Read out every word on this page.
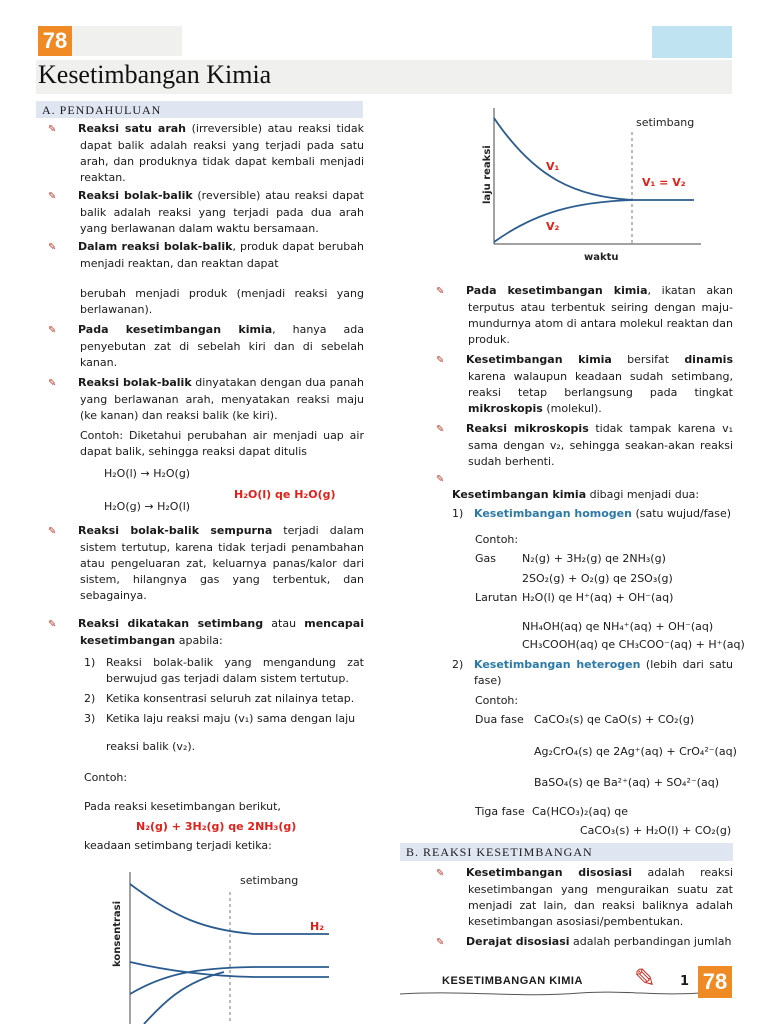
78
Kesetimbangan Kimia
A. PENDAHULUAN
✎ Reaksi satu arah (irreversible) atau reaksi tidak dapat balik adalah reaksi yang terjadi pada satu arah, dan produknya tidak dapat kembali menjadi reaktan.
✎ Reaksi bolak-balik (reversible) atau reaksi dapat balik adalah reaksi yang terjadi pada dua arah yang berlawanan dalam waktu bersamaan.
✎ Dalam reaksi bolak-balik, produk dapat berubah menjadi reaktan, dan reaktan dapat
berubah menjadi produk (menjadi reaksi yang berlawanan).
✎ Pada kesetimbangan kimia, hanya ada penyebutan zat di sebelah kiri dan di sebelah kanan.
✎ Reaksi bolak-balik dinyatakan dengan dua panah yang berlawanan arah, menyatakan reaksi maju (ke kanan) dan reaksi balik (ke kiri).
Contoh: Diketahui perubahan air menjadi uap air dapat balik, sehingga reaksi dapat ditulis
H₂O(l) → H₂O(g)
H₂O(l) qe H₂O(g)
H₂O(g) → H₂O(l)
✎ Reaksi bolak-balik sempurna terjadi dalam sistem tertutup, karena tidak terjadi penambahan atau pengeluaran zat, keluarnya panas/kalor dari sistem, hilangnya gas yang terbentuk, dan sebagainya.
✎ Reaksi dikatakan setimbang atau mencapai kesetimbangan apabila:
1) Reaksi bolak-balik yang mengandung zat berwujud gas terjadi dalam sistem tertutup.
2) Ketika konsentrasi seluruh zat nilainya tetap.
3) Ketika laju reaksi maju (v₁) sama dengan laju
reaksi balik (v₂).
Contoh:
Pada reaksi kesetimbangan berikut,
N₂(g) + 3H₂(g) qe 2NH₃(g)
keadaan setimbang terjadi ketika:
setimbang
H₂
konsentrasi
setimbang
V₁
V₂
V₁ = V₂
waktu
laju reaksi
✎ Pada kesetimbangan kimia, ikatan akan terputus atau terbentuk seiring dengan maju-mundurnya atom di antara molekul reaktan dan produk.
✎ Kesetimbangan kimia bersifat dinamis karena walaupun keadaan sudah setimbang, reaksi tetap berlangsung pada tingkat mikroskopis (molekul).
✎ Reaksi mikroskopis tidak tampak karena v₁ sama dengan v₂, sehingga seakan-akan reaksi sudah berhenti.
✎
Kesetimbangan kimia dibagi menjadi dua:
1) Kesetimbangan homogen (satu wujud/fase)
Contoh:
Gas N₂(g) + 3H₂(g) qe 2NH₃(g)
2SO₂(g) + O₂(g) qe 2SO₃(g)
Larutan H₂O(l) qe H⁺(aq) + OH⁻(aq)
NH₄OH(aq) qe NH₄⁺(aq) + OH⁻(aq)
CH₃COOH(aq) qe CH₃COO⁻(aq) + H⁺(aq)
2) Kesetimbangan heterogen (lebih dari satu fase)
Contoh:
Dua fase CaCO₃(s) qe CaO(s) + CO₂(g)
Ag₂CrO₄(s) qe 2Ag⁺(aq) + CrO₄²⁻(aq)
BaSO₄(s) qe Ba²⁺(aq) + SO₄²⁻(aq)
Tiga fase Ca(HCO₃)₂(aq) qe
CaCO₃(s) + H₂O(l) + CO₂(g)
B. REAKSI KESETIMBANGAN
✎ Kesetimbangan disosiasi adalah reaksi kesetimbangan yang menguraikan suatu zat menjadi zat lain, dan reaksi baliknya adalah kesetimbangan asosiasi/pembentukan.
✎ Derajat disosiasi adalah perbandingan jumlah
KESETIMBANGAN KIMIA ✎ 1 78
